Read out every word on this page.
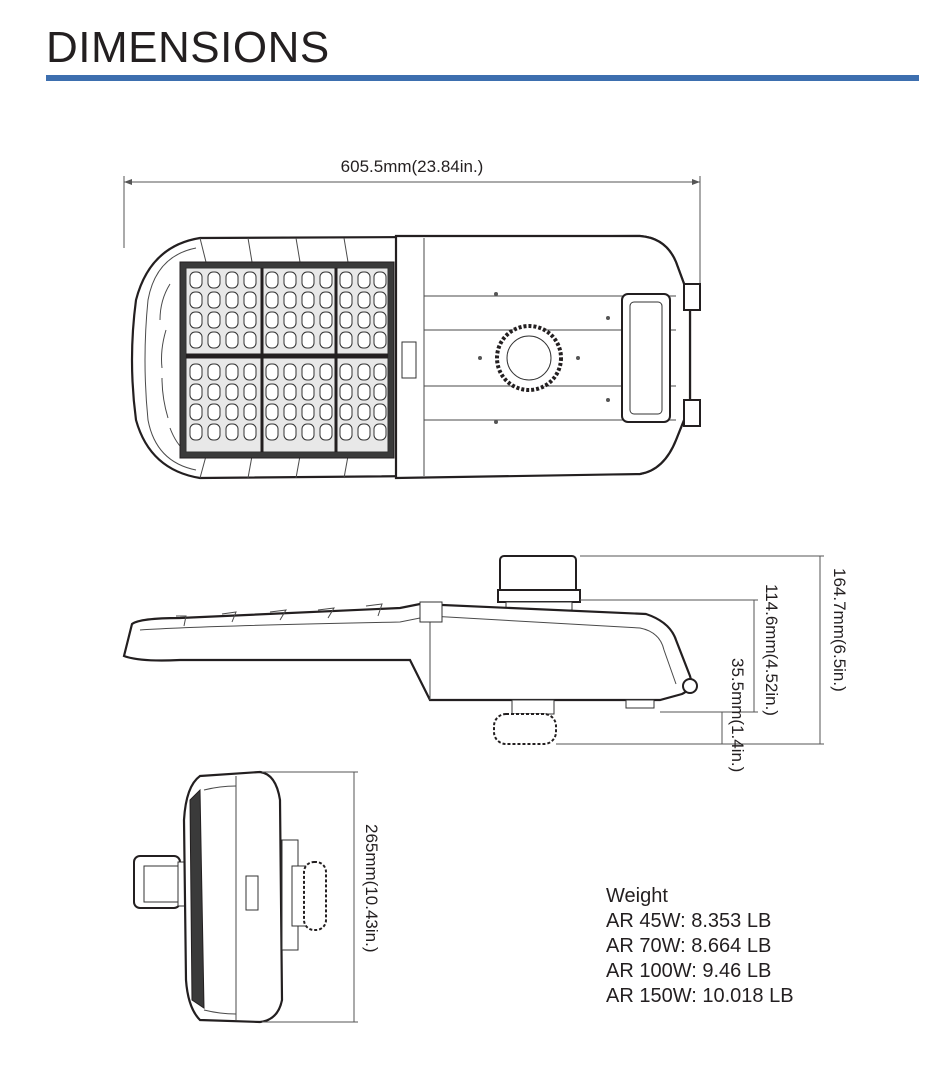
DIMENSIONS
605.5mm(23.84in.)
164.7mm(6.5in.)
114.6mm(4.52in.)
35.5mm(1.4in.)
265mm(10.43in.)	Weight
AR 45W: 8.353 LB
AR 70W: 8.664 LB
AR 100W: 9.46 LB
AR 150W: 10.018 LB
